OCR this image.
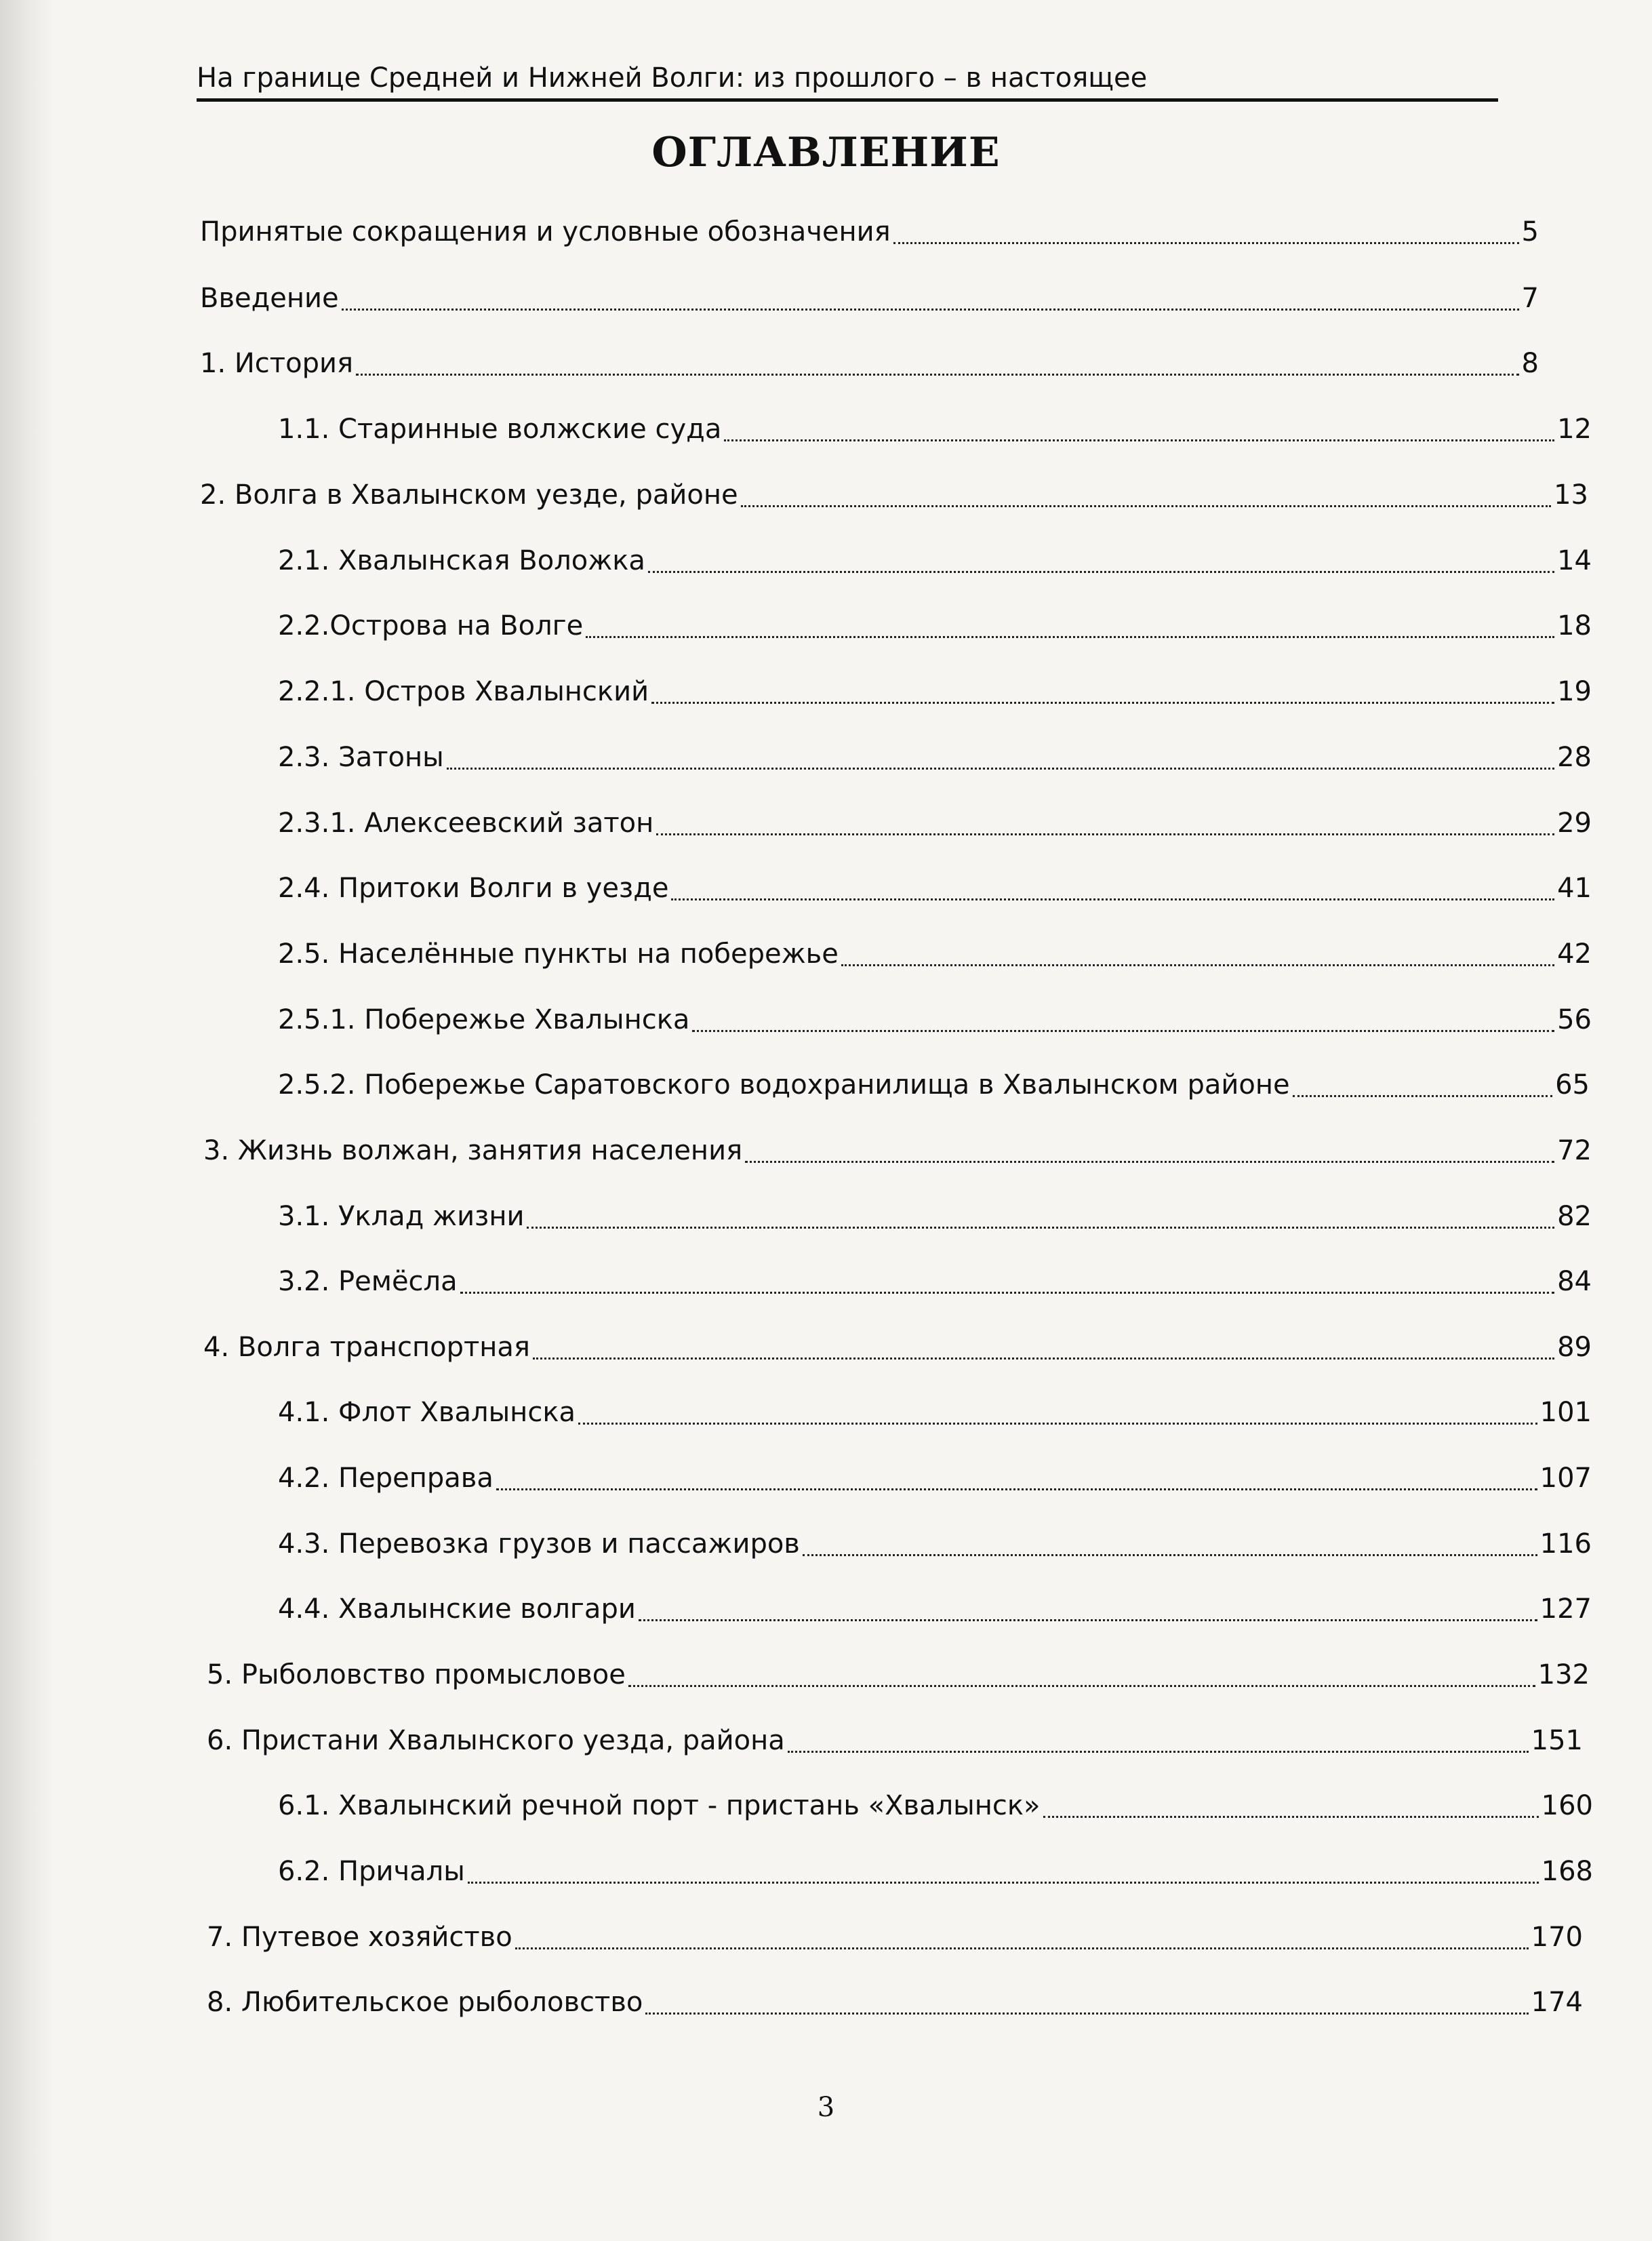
На границе Средней и Нижней Волги: из прошлого – в настоящее
ОГЛАВЛЕНИЕ
Принятые сокращения и условные обозначения	5
Введение	7
1. История	8
1.1. Старинные волжские суда	12
2. Волга в Хвалынском уезде, районе	13
2.1. Хвалынская Воложка	14
2.2.Острова на Волге	18
2.2.1. Остров Хвалынский	19
2.3. Затоны	28
2.3.1. Алексеевский затон	29
2.4. Притоки Волги в уезде	41
2.5. Населённые пункты на побережье	42
2.5.1. Побережье Хвалынска	56
2.5.2. Побережье Саратовского водохранилища в Хвалынском районе	65
3. Жизнь волжан, занятия населения	72
3.1. Уклад жизни	82
3.2. Ремёсла	84
4. Волга транспортная	89
4.1. Флот Хвалынска	101
4.2. Переправа	107
4.3. Перевозка грузов и пассажиров	116
4.4. Хвалынские волгари	127
5. Рыболовство промысловое	132
6. Пристани Хвалынского уезда, района	151
6.1. Хвалынский речной порт - пристань «Хвалынск»	160
6.2. Причалы	168
7. Путевое хозяйство	170
8. Любительское рыболовство	174
3
